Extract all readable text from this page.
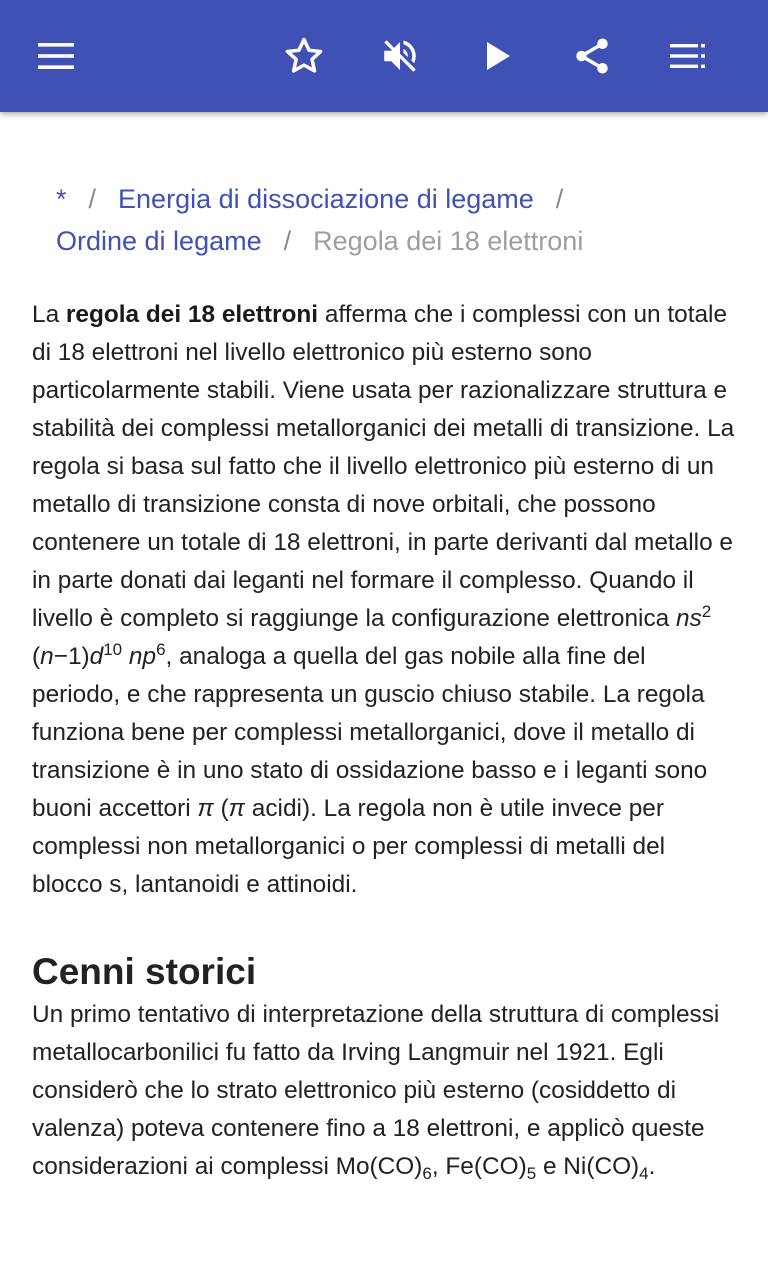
* / Energia di dissociazione di legame /
Ordine di legame / Regola dei 18 elettroni

La regola dei 18 elettroni afferma che i complessi con un totale di 18 elettroni nel livello elettronico più esterno sono particolarmente stabili. Viene usata per razionalizzare struttura e stabilità dei complessi metallorganici dei metalli di transizione. La regola si basa sul fatto che il livello elettronico più esterno di un metallo di transizione consta di nove orbitali, che possono contenere un totale di 18 elettroni, in parte derivanti dal metallo e in parte donati dai leganti nel formare il complesso. Quando il livello è completo si raggiunge la configurazione elettronica $ns^2$ $(n-1)d^{10}$ $np^6$, analoga a quella del gas nobile alla fine del periodo, e che rappresenta un guscio chiuso stabile. La regola funziona bene per complessi metallorganici, dove il metallo di transizione è in uno stato di ossidazione basso e i leganti sono buoni accettori π (π acidi). La regola non è utile invece per complessi non metallorganici o per complessi di metalli del blocco s, lantanoidi e attinoidi.

Cenni storici

Un primo tentativo di interpretazione della struttura di complessi metallocarbonilici fu fatto da Irving Langmuir nel 1921. Egli considerò che lo strato elettronico più esterno (cosiddetto di valenza) poteva contenere fino a 18 elettroni, e applicò queste considerazioni ai complessi $Mo(CO)_6$, $Fe(CO)_5$ e $Ni(CO)_4$.
